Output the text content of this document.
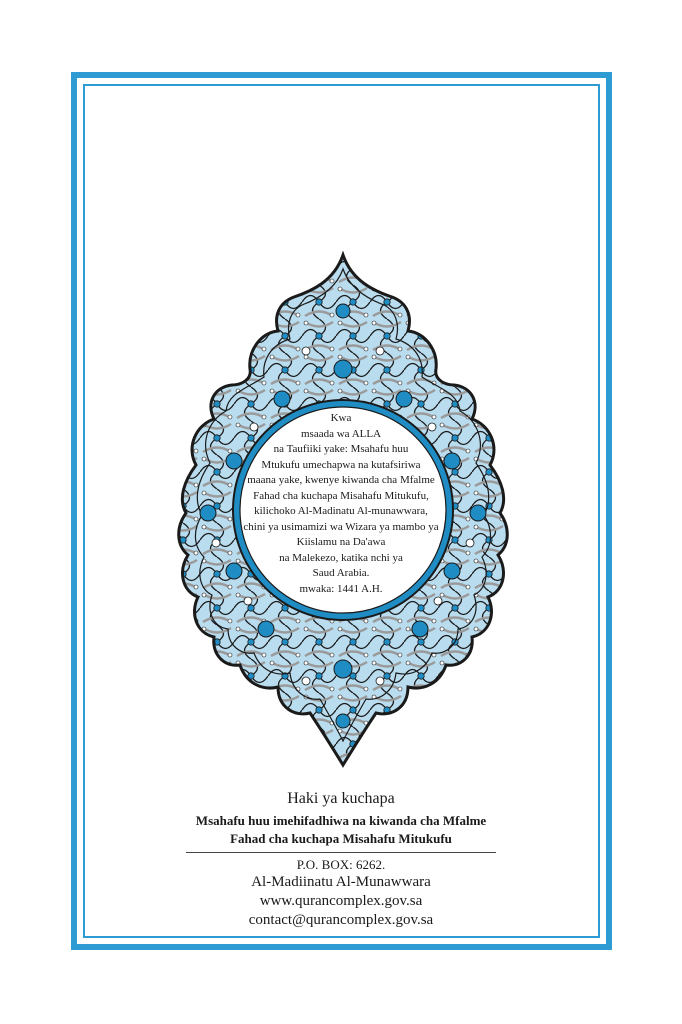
Kwa
msaada wa ALLA
na Taufiiki yake: Msahafu huu
Mtukufu umechapwa na kutafsiriwa
maana yake, kwenye kiwanda cha Mfalme
Fahad cha kuchapa Misahafu Mitukufu,
kilichoko Al-Madinatu Al-munawwara,
chini ya usimamizi wa Wizara ya mambo ya
Kiislamu na Da'awa
na Malekezo, katika nchi ya
Saud Arabia.
mwaka: 1441 A.H.
Haki ya kuchapa
Msahafu huu imehifadhiwa na kiwanda cha Mfalme
Fahad cha kuchapa Misahafu Mitukufu
P.O. BOX: 6262.
Al-Madiinatu Al-Munawwara
www.qurancomplex.gov.sa
contact@qurancomplex.gov.sa
